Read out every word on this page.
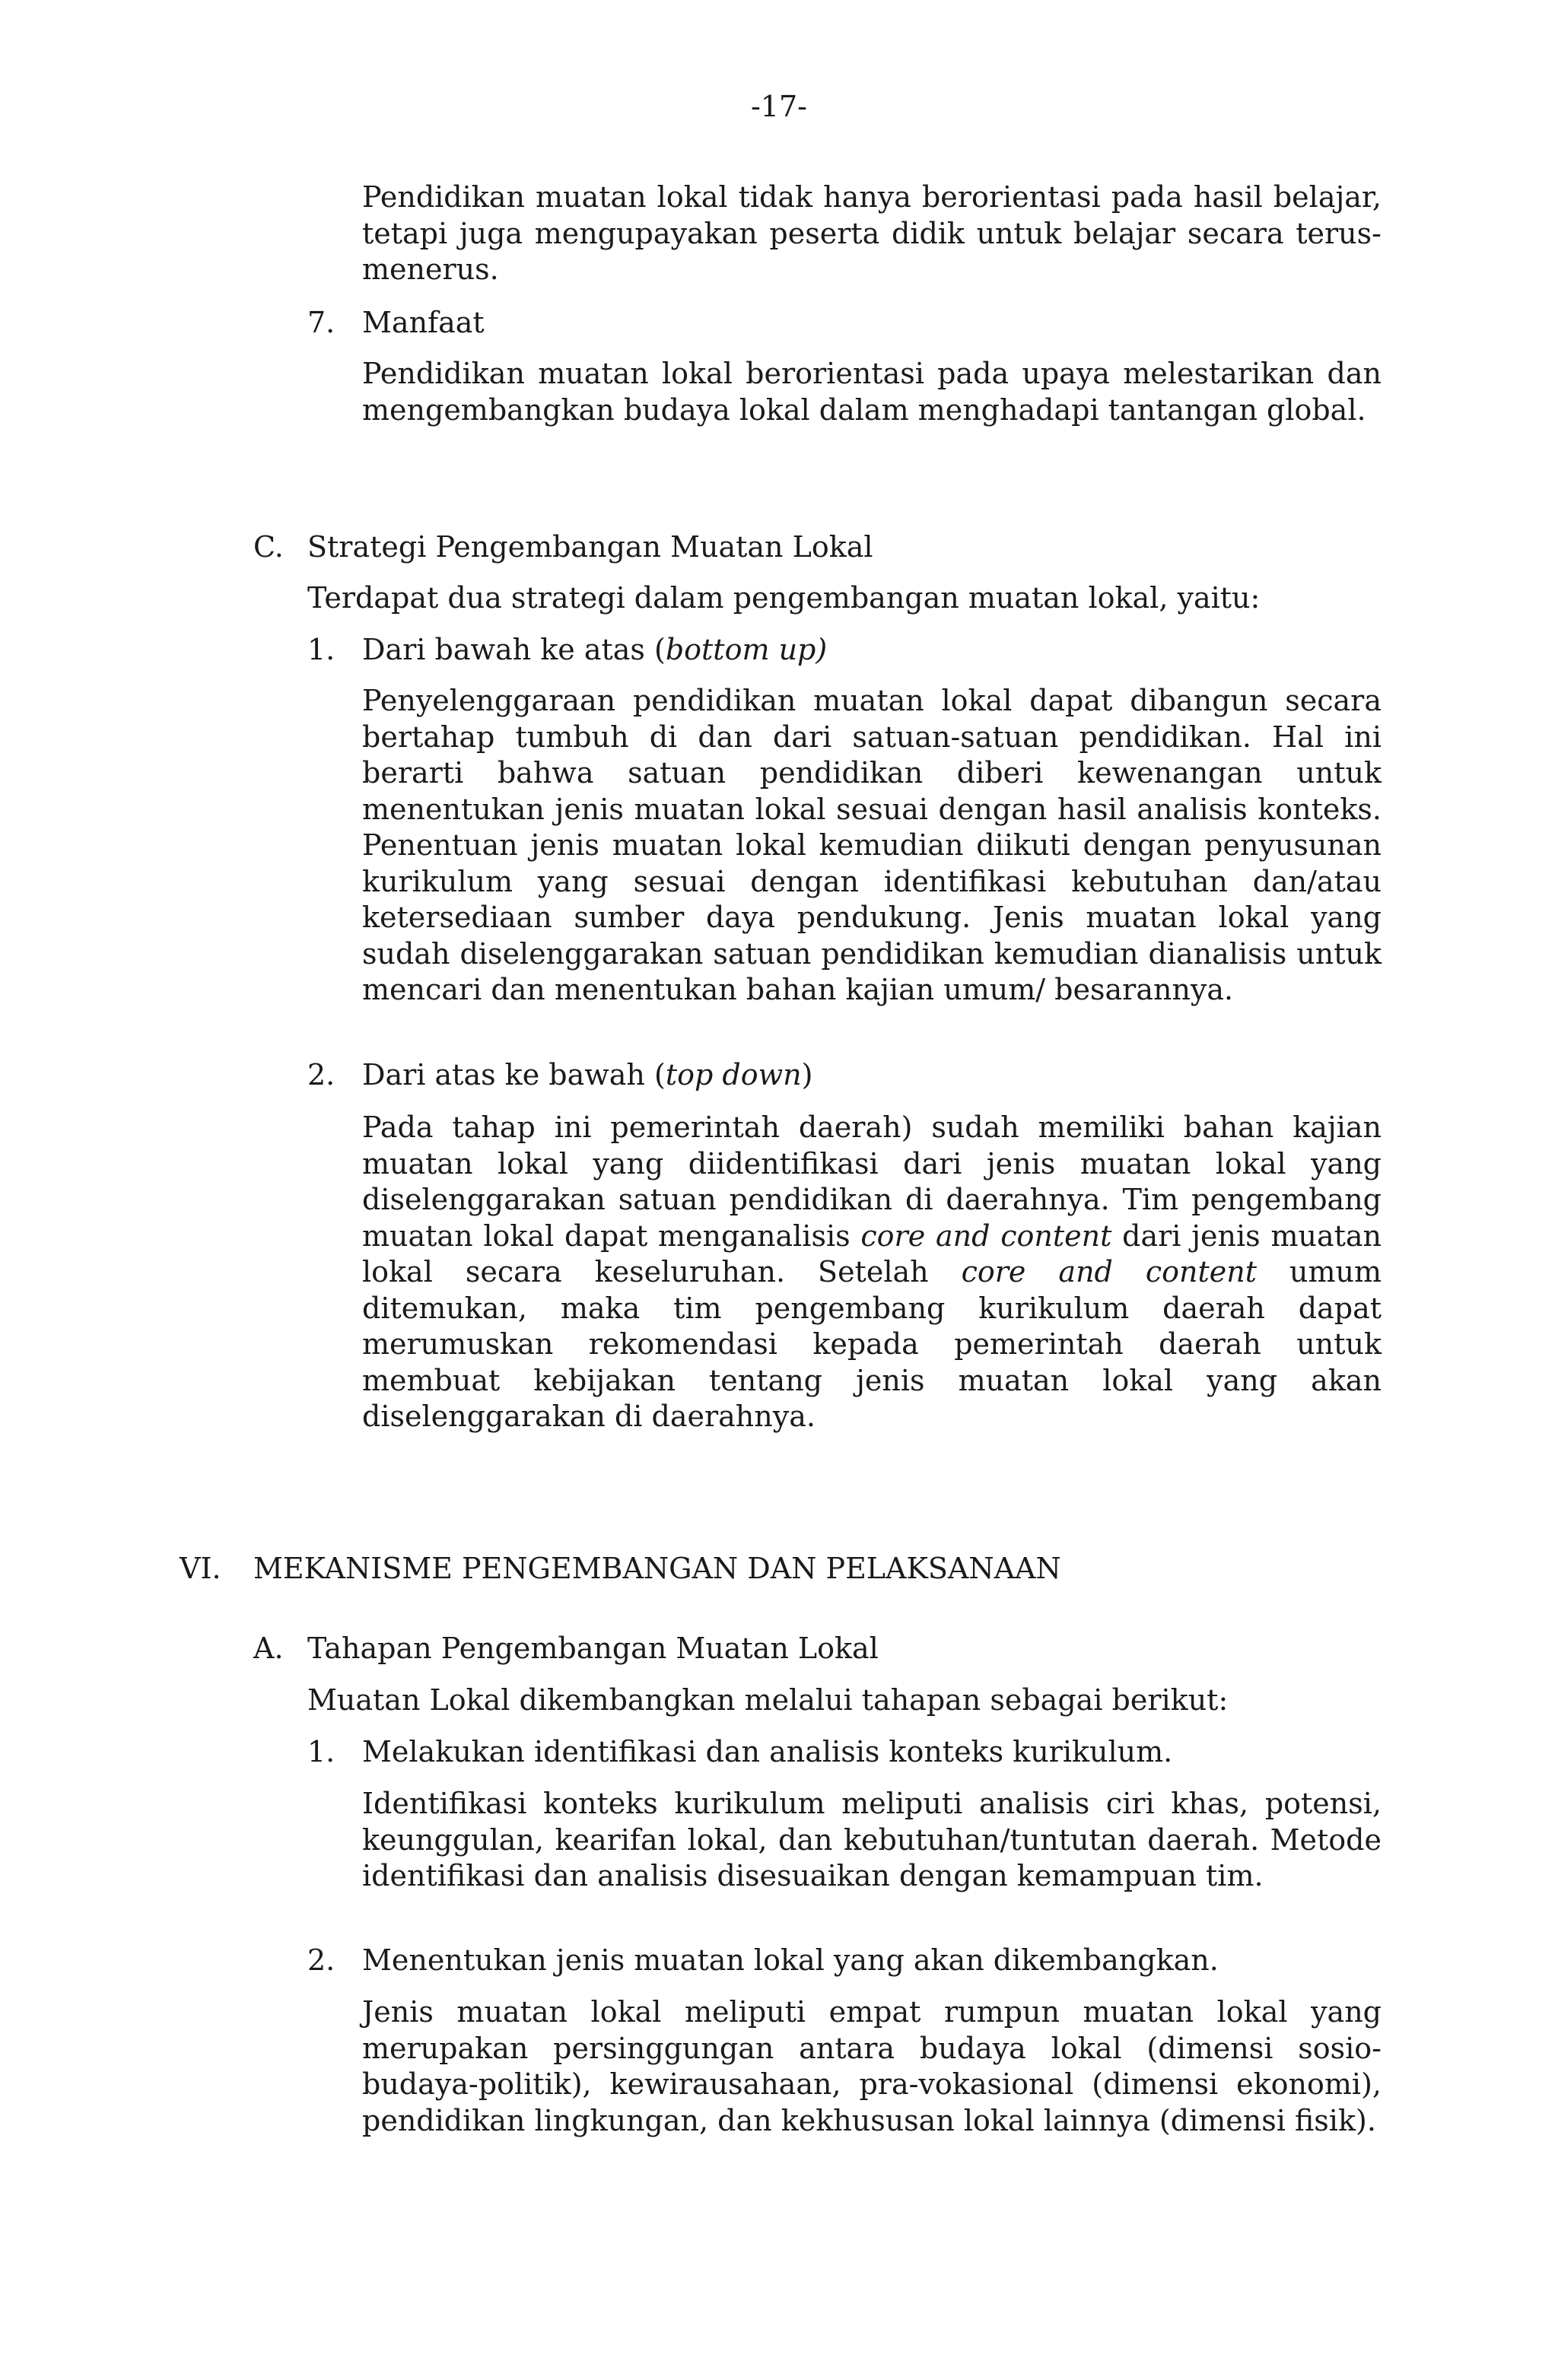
-17-
Pendidikan muatan lokal tidak hanya berorientasi pada hasil belajar, tetapi juga mengupayakan peserta didik untuk belajar secara terus- menerus.
7. Manfaat
Pendidikan muatan lokal berorientasi pada upaya melestarikan dan mengembangkan budaya lokal dalam menghadapi tantangan global.
C. Strategi Pengembangan Muatan Lokal
Terdapat dua strategi dalam pengembangan muatan lokal, yaitu:
1. Dari bawah ke atas (bottom up)
Penyelenggaraan pendidikan muatan lokal dapat dibangun secara bertahap tumbuh di dan dari satuan-satuan pendidikan. Hal ini berarti bahwa satuan pendidikan diberi kewenangan untuk menentukan jenis muatan lokal sesuai dengan hasil analisis konteks. Penentuan jenis muatan lokal kemudian diikuti dengan penyusunan kurikulum yang sesuai dengan identifikasi kebutuhan dan/atau ketersediaan sumber daya pendukung. Jenis muatan lokal yang sudah diselenggarakan satuan pendidikan kemudian dianalisis untuk mencari dan menentukan bahan kajian umum/ besarannya.
2. Dari atas ke bawah (top down)
Pada tahap ini pemerintah daerah) sudah memiliki bahan kajian muatan lokal yang diidentifikasi dari jenis muatan lokal yang diselenggarakan satuan pendidikan di daerahnya. Tim pengembang muatan lokal dapat menganalisis core and content dari jenis muatan lokal secara keseluruhan. Setelah core and content umum ditemukan, maka tim pengembang kurikulum daerah dapat merumuskan rekomendasi kepada pemerintah daerah untuk membuat kebijakan tentang jenis muatan lokal yang akan diselenggarakan di daerahnya.
VI. MEKANISME PENGEMBANGAN DAN PELAKSANAAN
A. Tahapan Pengembangan Muatan Lokal
Muatan Lokal dikembangkan melalui tahapan sebagai berikut:
1. Melakukan identifikasi dan analisis konteks kurikulum.
Identifikasi konteks kurikulum meliputi analisis ciri khas, potensi, keunggulan, kearifan lokal, dan kebutuhan/tuntutan daerah. Metode identifikasi dan analisis disesuaikan dengan kemampuan tim.
2. Menentukan jenis muatan lokal yang akan dikembangkan.
Jenis muatan lokal meliputi empat rumpun muatan lokal yang merupakan persinggungan antara budaya lokal (dimensi sosio-budaya-politik), kewirausahaan, pra-vokasional (dimensi ekonomi), pendidikan lingkungan, dan kekhususan lokal lainnya (dimensi fisik).
